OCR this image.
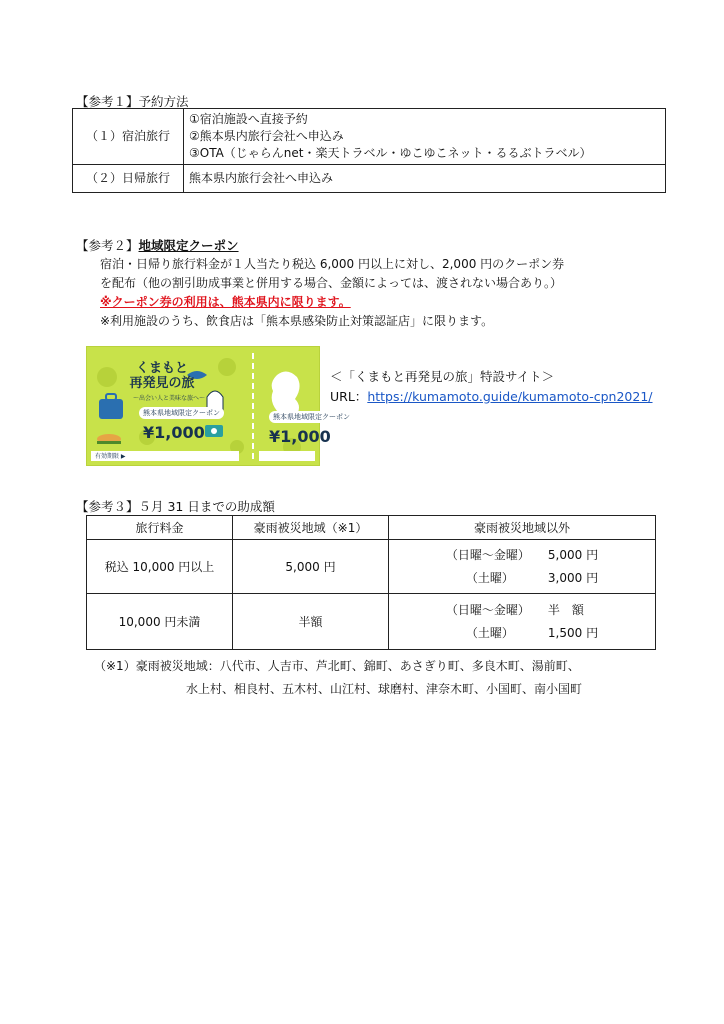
【参考１】予約方法
（１）宿泊旅行	①宿泊施設へ直接予約
②熊本県内旅行会社へ申込み
③OTA（じゃらんnet・楽天トラベル・ゆこゆこネット・るるぶトラベル）

（２）日帰旅行	熊本県内旅行会社へ申込み
【参考２】地域限定クーポン
宿泊・日帰り旅行料金が１人当たり税込 6,000 円以上に対し、2,000 円のクーポン券
を配布（他の割引助成事業と併用する場合、金額によっては、渡されない場合あり。）
※クーポン券の利用は、熊本県内に限ります。
※利用施設のうち、飲食店は「熊本県感染防止対策認証店」に限ります。
くまもと
再発見の旅
～出会い人と美味な旅へ～
熊本県地域限定クーポン
¥1,000
熊本県地域限定クーポン
¥1,000
有効期限 ▶
＜「くまもと再発見の旅」特設サイト＞
URL：https://kumamoto.guide/kumamoto-cpn2021/
【参考３】５月 31 日までの助成額
旅行料金	豪雨被災地域（※1）	豪雨被災地域以外
税込 10,000 円以上	5,000 円	（日曜～金曜） 5,000 円
（土曜） 3,000 円

10,000 円未満	半額	（日曜～金曜） 半　額
（土曜） 1,500 円
（※1）豪雨被災地域：八代市、人吉市、芦北町、錦町、あさぎり町、多良木町、湯前町、
水上村、相良村、五木村、山江村、球磨村、津奈木町、小国町、南小国町
